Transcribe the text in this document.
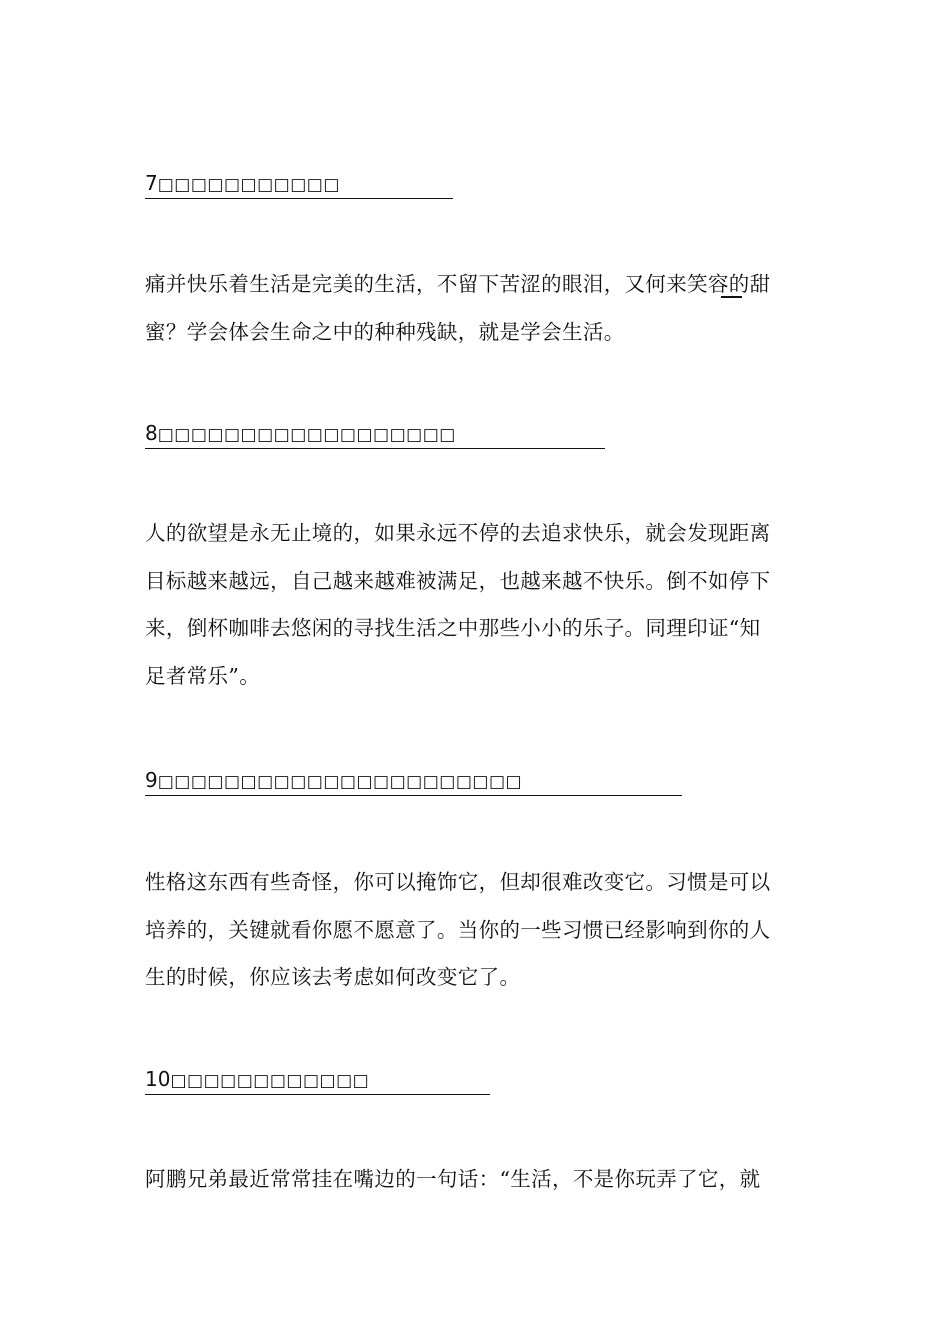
7□□□□□□□□□□□
痛并快乐着生活是完美的生活，不留下苦涩的眼泪，又何来笑容的甜
蜜？学会体会生命之中的种种残缺，就是学会生活。
8□□□□□□□□□□□□□□□□□□
人的欲望是永无止境的，如果永远不停的去追求快乐，就会发现距离
目标越来越远，自己越来越难被满足，也越来越不快乐。倒不如停下
来，倒杯咖啡去悠闲的寻找生活之中那些小小的乐子。同理印证“知
足者常乐”。
9□□□□□□□□□□□□□□□□□□□□□□
性格这东西有些奇怪，你可以掩饰它，但却很难改变它。习惯是可以
培养的，关键就看你愿不愿意了。当你的一些习惯已经影响到你的人
生的时候，你应该去考虑如何改变它了。
10□□□□□□□□□□□□
阿鹏兄弟最近常常挂在嘴边的一句话：“生活，不是你玩弄了它，就
